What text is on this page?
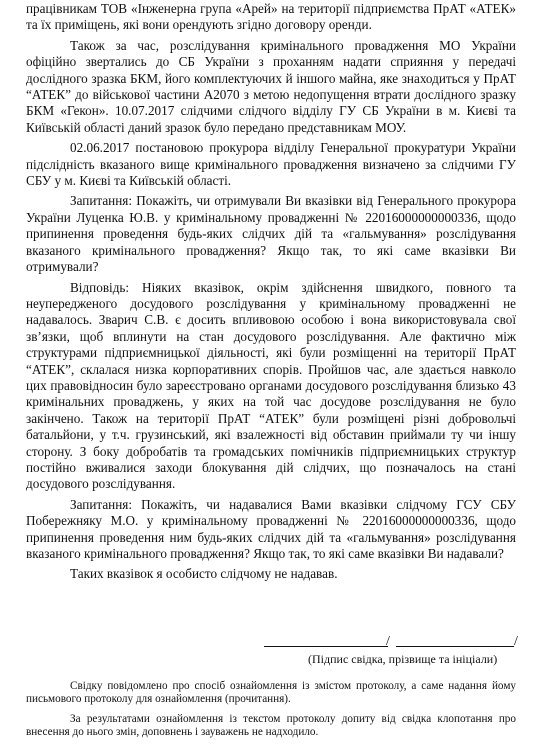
працівникам ТОВ «Інженерна група «Арей» на території підприємства ПрАТ «АТЕК» та їх приміщень, які вони орендують згідно договору оренди.

Також за час, розслідування кримінального провадження МО України офіційно звертались до СБ України з проханням надати сприяння у передачі дослідного зразка БКМ, його комплектуючих й іншого майна, яке знаходиться у ПрАТ “АТЕК” до військової частини А2070 з метою недопущення втрати дослідного зразку БКМ «Гекон». 10.07.2017 слідчими слідчого відділу ГУ СБ України в м. Києві та Київській області даний зразок було передано представникам МОУ.

02.06.2017 постановою прокурора відділу Генеральної прокуратури України підслідність вказаного вище кримінального провадження визначено за слідчими ГУ СБУ у м. Києві та Київській області.

Запитання: Покажіть, чи отримували Ви вказівки від Генерального прокурора України Луценка Ю.В. у кримінальному провадженні № 22016000000000336, щодо припинення проведення будь-яких слідчих дій та «гальмування» розслідування вказаного кримінального провадження? Якщо так, то які саме вказівки Ви отримували?

Відповідь: Ніяких вказівок, окрім здійснення швидкого, повного та неупередженого досудового розслідування у кримінальному провадженні не надавалось. Зварич С.В. є досить впливовою особою і вона використовувала свої зв’язки, щоб вплинути на стан досудового розслідування. Але фактично між структурами підприємницької діяльності, які були розміщенні на території ПрАТ “АТЕК”, склалася низка корпоративних спорів. Пройшов час, але здається навколо цих правовідносин було зареєстровано органами досудового розслідування близько 43 кримінальних проваджень, у яких на той час досудове розслідування не було закінчено. Також на території ПрАТ “АТЕК” були розміщені різні добровольчі батальйони, у т.ч. грузинський, які взалежності від обставин приймали ту чи іншу сторону. З боку добробатів та громадських помічників підприємницьких структур постійно вживалися заходи блокування дій слідчих, що позначалось на стані досудового розслідування.

Запитання: Покажіть, чи надавалися Вами вказівки слідчому ГСУ СБУ Побережняку М.О. у кримінальному провадженні № 22016000000000336, щодо припинення проведення ним будь-яких слідчих дій та «гальмування» розслідування вказаного кримінального провадження? Якщо так, то які саме вказівки Ви надавали?

Таких вказівок я особисто слідчому не надавав.

/	/
(Підпис свідка, прізвище та ініціали)

Свідку повідомлено про спосіб ознайомлення із змістом протоколу, а саме надання йому письмового протоколу для ознайомлення (прочитання).

За результатами ознайомлення із текстом протоколу допиту від свідка клопотання про внесення до нього змін, доповнень і зауважень не надходило.
